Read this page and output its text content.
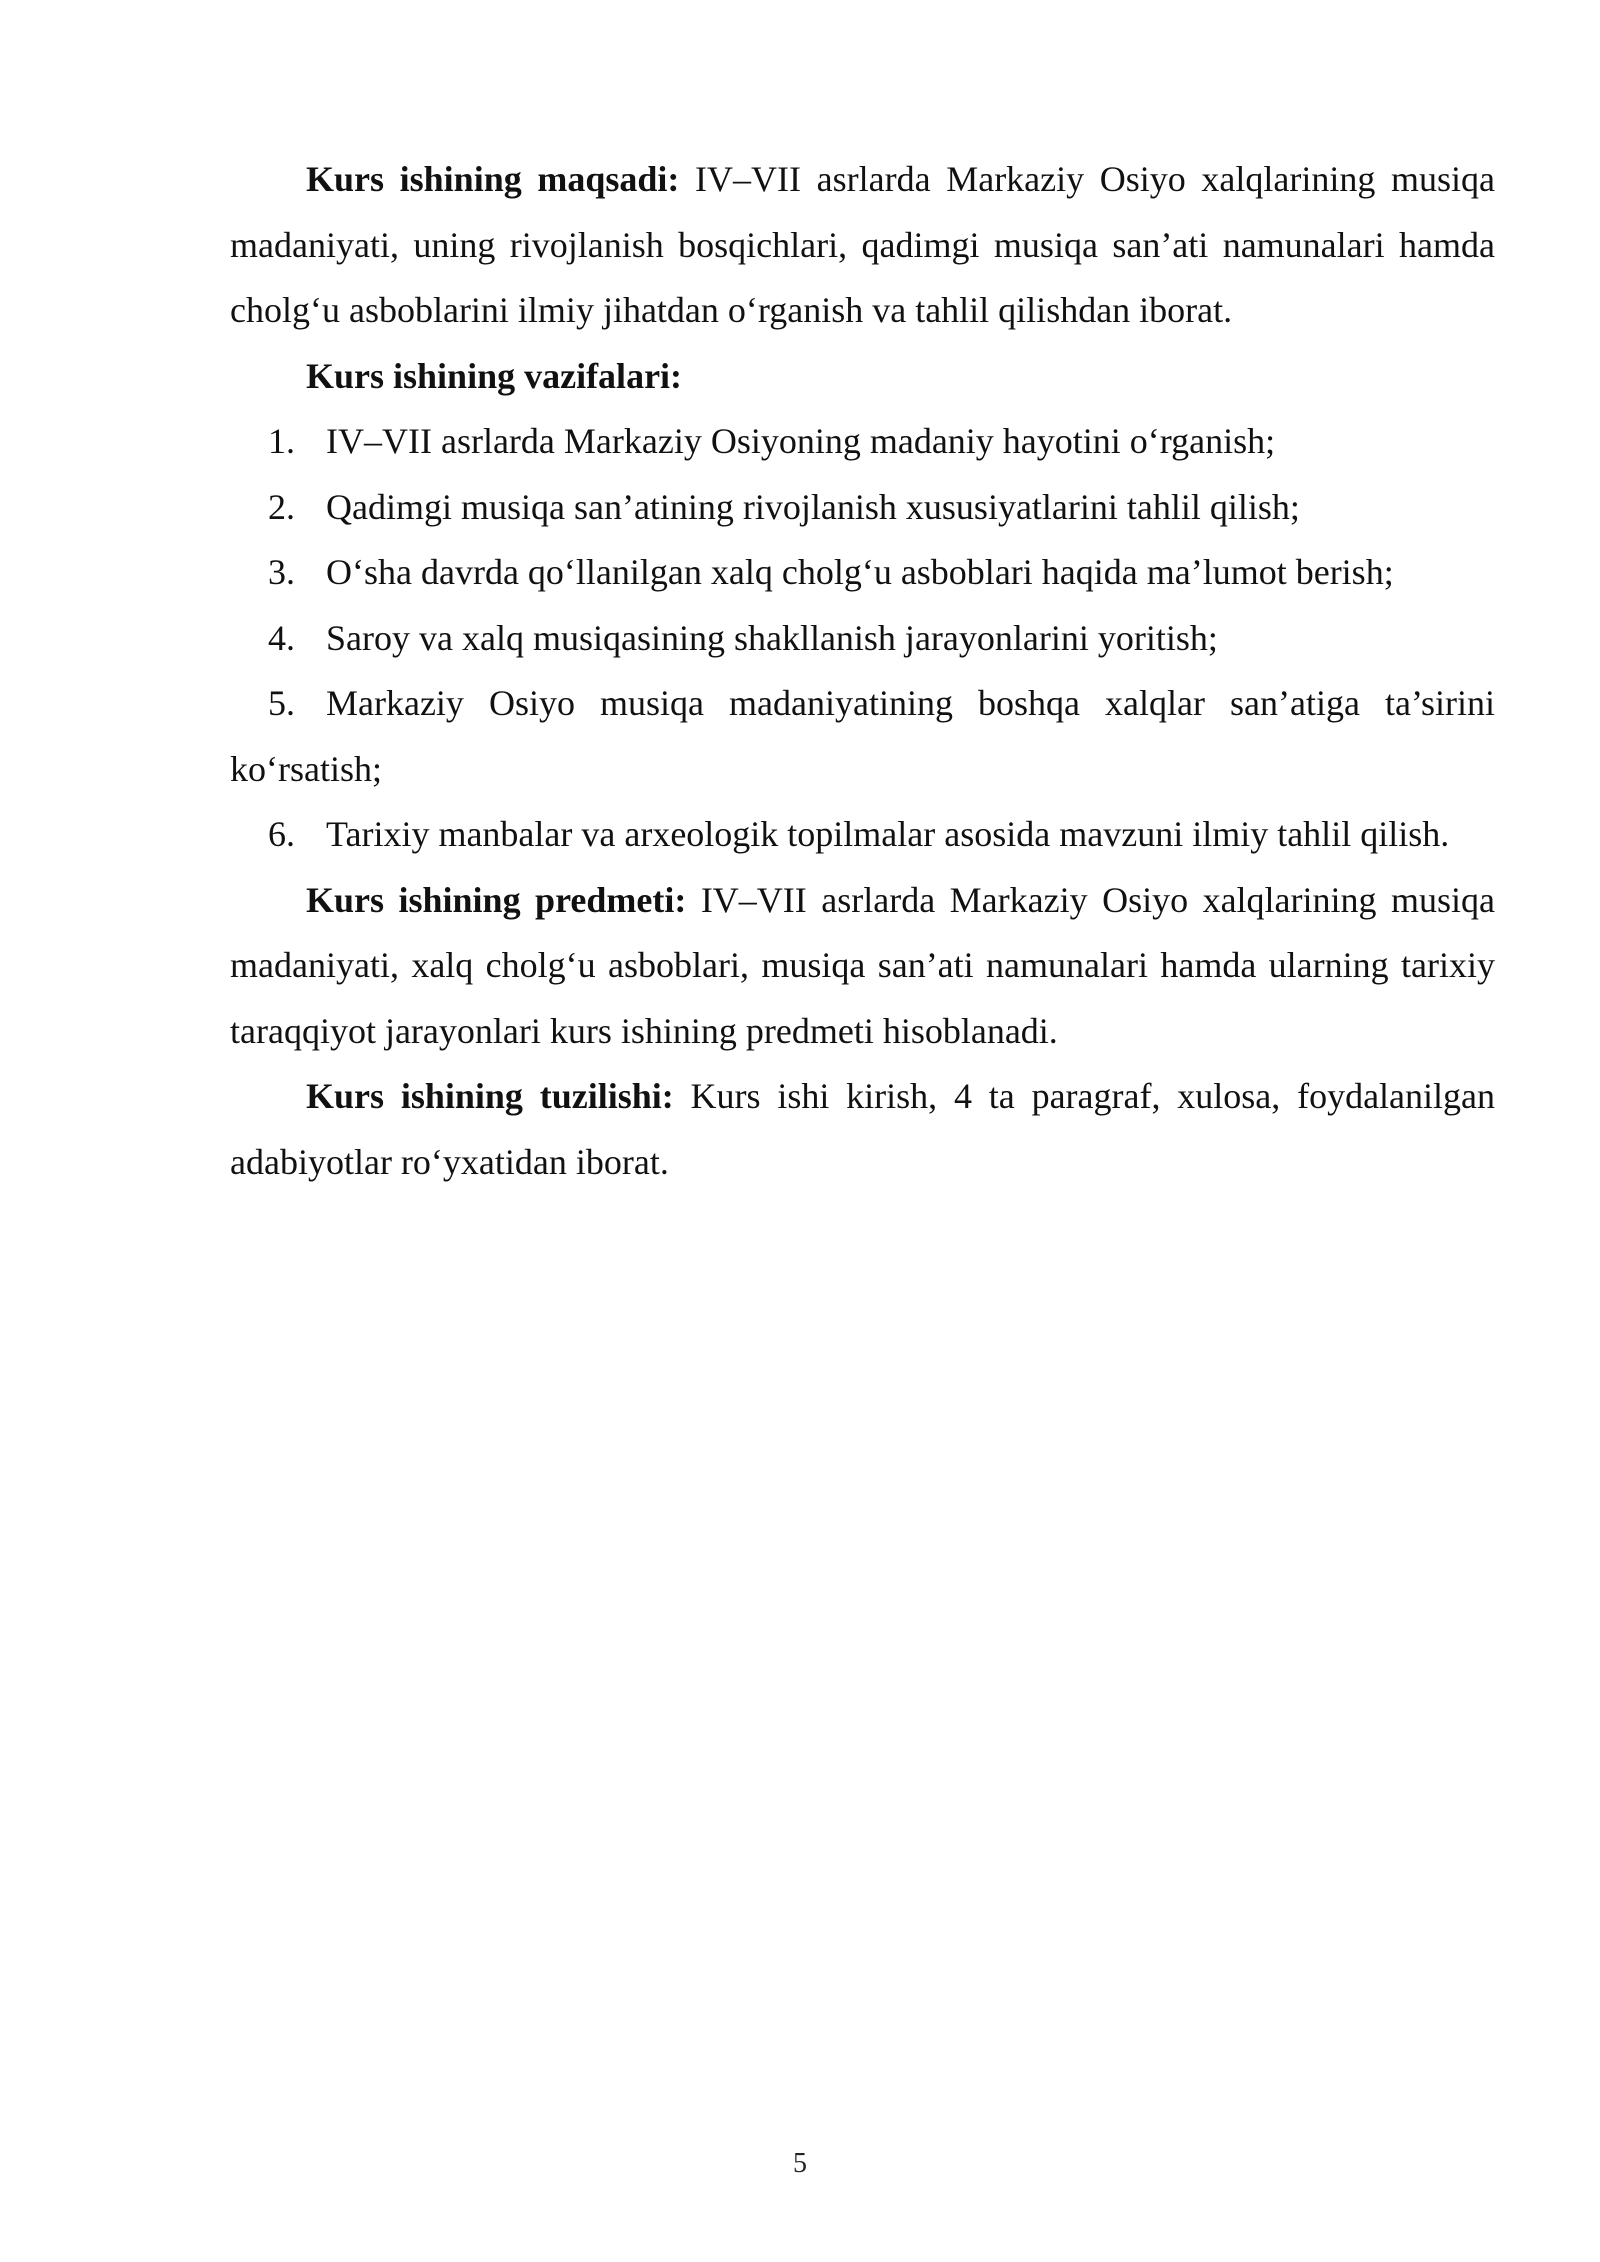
Kurs ishining maqsadi: IV–VII asrlarda Markaziy Osiyo xalqlarining musiqa madaniyati, uning rivojlanish bosqichlari, qadimgi musiqa san’ati namunalari hamda cholg‘u asboblarini ilmiy jihatdan o‘rganish va tahlil qilishdan iborat.

Kurs ishining vazifalari:

1. IV–VII asrlarda Markaziy Osiyoning madaniy hayotini o‘rganish;
2. Qadimgi musiqa san’atining rivojlanish xususiyatlarini tahlil qilish;
3. O‘sha davrda qo‘llanilgan xalq cholg‘u asboblari haqida ma’lumot berish;
4. Saroy va xalq musiqasining shakllanish jarayonlarini yoritish;
5. Markaziy Osiyo musiqa madaniyatining boshqa xalqlar san’atiga ta’sirini ko‘rsatish;
6. Tarixiy manbalar va arxeologik topilmalar asosida mavzuni ilmiy tahlil qilish.

Kurs ishining predmeti: IV–VII asrlarda Markaziy Osiyo xalqlarining musiqa madaniyati, xalq cholg‘u asboblari, musiqa san’ati namunalari hamda ularning tarixiy taraqqiyot jarayonlari kurs ishining predmeti hisoblanadi.

Kurs ishining tuzilishi: Kurs ishi kirish, 4 ta paragraf, xulosa, foydalanilgan adabiyotlar ro‘yxatidan iborat.

5
